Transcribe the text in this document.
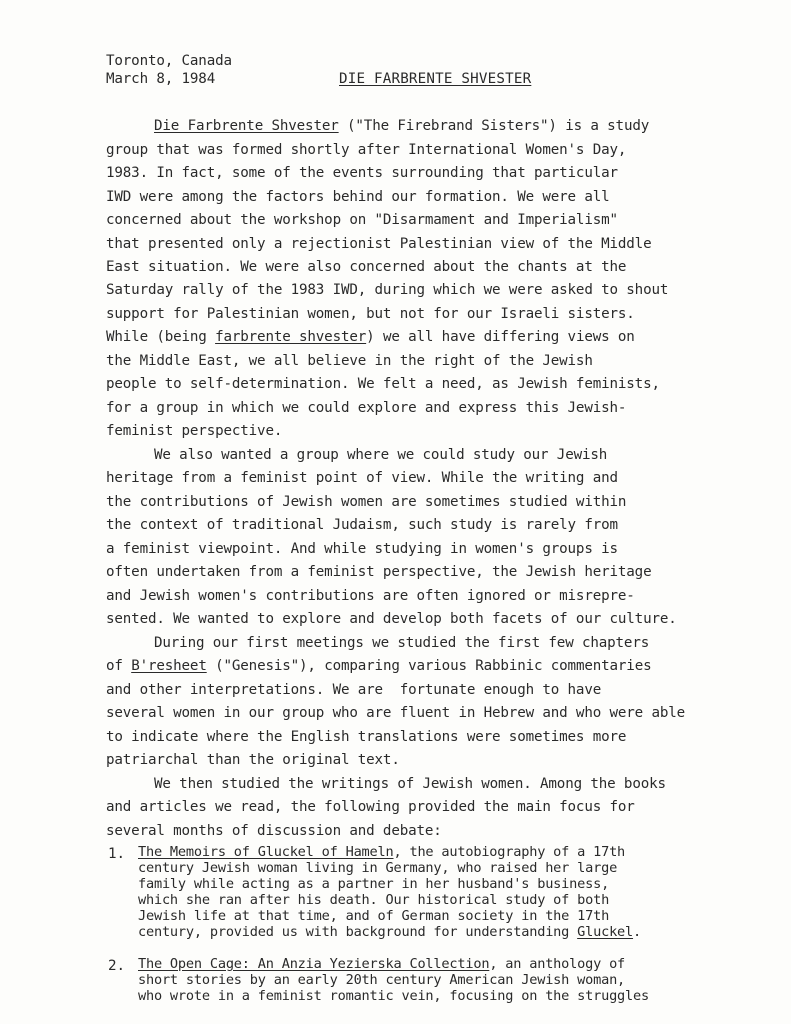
Toronto, Canada
March 8, 1984	DIE FARBRENTE SHVESTER
Die Farbrente Shvester ("The Firebrand Sisters") is a study
group that was formed shortly after International Women's Day,
1983. In fact, some of the events surrounding that particular
IWD were among the factors behind our formation. We were all
concerned about the workshop on "Disarmament and Imperialism"
that presented only a rejectionist Palestinian view of the Middle
East situation. We were also concerned about the chants at the
Saturday rally of the 1983 IWD, during which we were asked to shout
support for Palestinian women, but not for our Israeli sisters.
While (being farbrente shvester) we all have differing views on
the Middle East, we all believe in the right of the Jewish
people to self-determination. We felt a need, as Jewish feminists,
for a group in which we could explore and express this Jewish-
feminist perspective.
We also wanted a group where we could study our Jewish
heritage from a feminist point of view. While the writing and
the contributions of Jewish women are sometimes studied within
the context of traditional Judaism, such study is rarely from
a feminist viewpoint. And while studying in women's groups is
often undertaken from a feminist perspective, the Jewish heritage
and Jewish women's contributions are often ignored or misrepre-
sented. We wanted to explore and develop both facets of our culture.
During our first meetings we studied the first few chapters
of B'resheet ("Genesis"), comparing various Rabbinic commentaries
and other interpretations. We are  fortunate enough to have
several women in our group who are fluent in Hebrew and who were able
to indicate where the English translations were sometimes more
patriarchal than the original text.
We then studied the writings of Jewish women. Among the books
and articles we read, the following provided the main focus for
several months of discussion and debate:
1. The Memoirs of Gluckel of Hameln, the autobiography of a 17th
century Jewish woman living in Germany, who raised her large
family while acting as a partner in her husband's business,
which she ran after his death. Our historical study of both
Jewish life at that time, and of German society in the 17th
century, provided us with background for understanding Gluckel.
2. The Open Cage: An Anzia Yezierska Collection, an anthology of
short stories by an early 20th century American Jewish woman,
who wrote in a feminist romantic vein, focusing on the struggles
